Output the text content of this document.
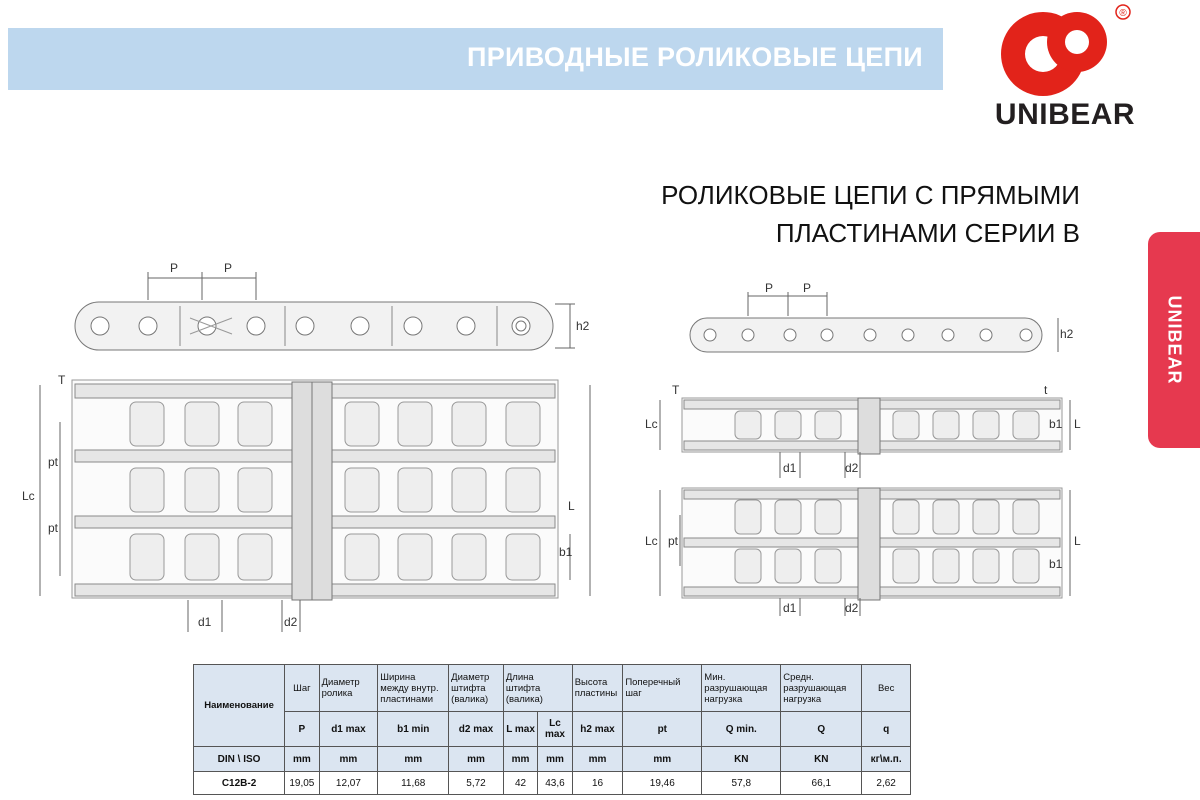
ПРИВОДНЫЕ РОЛИКОВЫЕ ЦЕПИ
®
UNIBEAR
РОЛИКОВЫЕ ЦЕПИ С ПРЯМЫМИ
ПЛАСТИНАМИ СЕРИИ В
UNIBEAR
P	P
h2
T
Lc
pt
pt
L
b1
d1	d2
P P
h2
T	t
Lc	L
b1
d1	d2
Lc pt	L
b1
d1	d2
Наименование	Шаг	Диаметр ролика	Ширина между внутр. пластинами	Диаметр штифта (валика)	Длина штифта (валика)		Высота пластины	Поперечный шаг	Мин. разрушающая нагрузка	Средн. разрушающая нагрузка	Вес
	P	d1 max	b1 min	d2 max	L max	Lc max	h2 max	pt	Q min.	Q	q
DIN \ ISO	mm	mm	mm	mm	mm	mm	mm	mm	KN	KN	кг\м.п.
C12B-2	19,05	12,07	11,68	5,72	42	43,6	16	19,46	57,8	66,1	2,62
